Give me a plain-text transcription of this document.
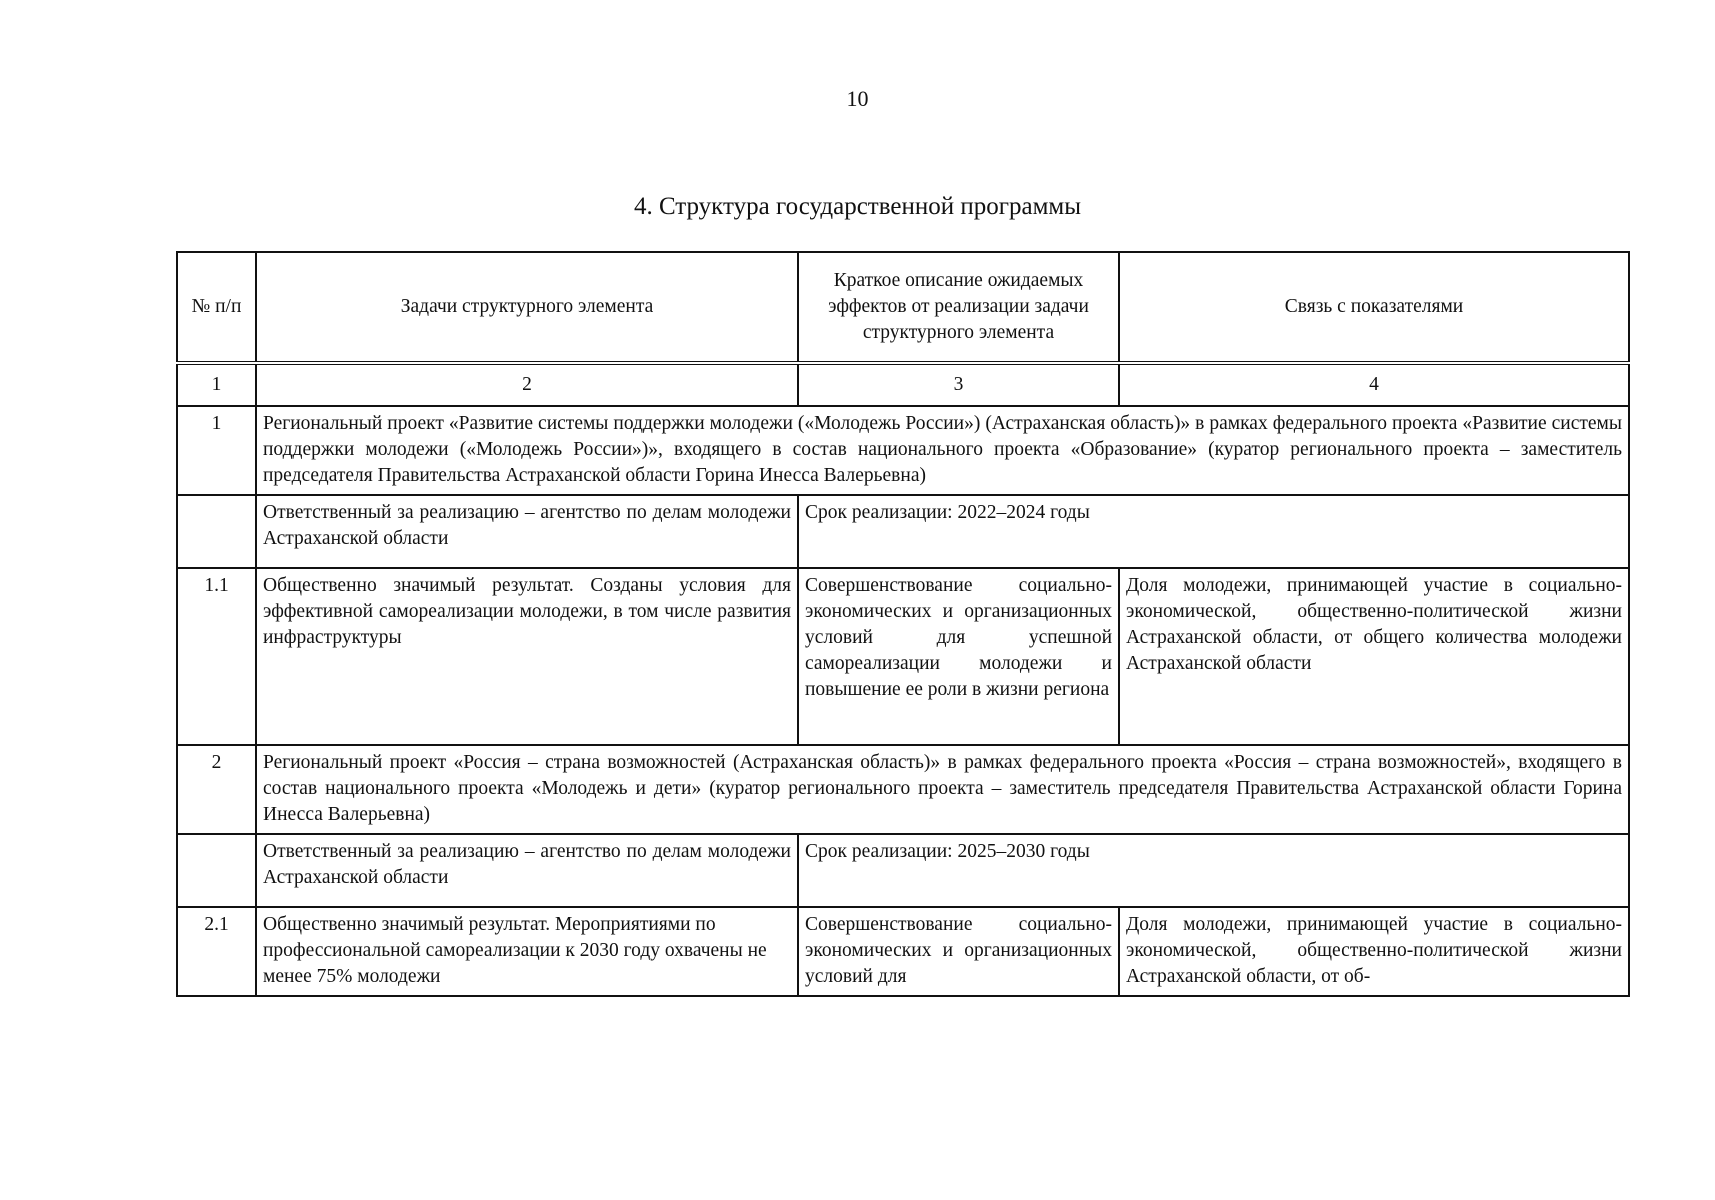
10
4. Структура государственной программы
№ п/п	Задачи структурного элемента	Краткое описание ожидаемых эффектов от реализации задачи структурного элемента	Связь с показателями
1	2	3	4
1	Региональный проект «Развитие системы поддержки молодежи («Молодежь России») (Астраханская область)» в рамках федерального проекта «Развитие системы поддержки молодежи («Молодежь России»)», входящего в состав национального проекта «Образование» (куратор регионального проекта – заместитель председателя Правительства Астраханской области Горина Инесса Валерьевна)		
	Ответственный за реализацию – агентство по делам молодежи Астраханской области	Срок реализации: 2022–2024 годы	
1.1	Общественно значимый результат. Созданы условия для эффективной самореализации молодежи, в том числе развития инфраструктуры	Совершенствование социально-экономических и организационных условий для успешной самореализации молодежи и повышение ее роли в жизни региона	Доля молодежи, принимающей участие в социально-экономической, общественно-политической жизни Астраханской области, от общего количества молодежи Астраханской области
2	Региональный проект «Россия – страна возможностей (Астраханская область)» в рамках федерального проекта «Россия – страна возможностей», входящего в состав национального проекта «Молодежь и дети» (куратор регионального проекта – заместитель председателя Правительства Астраханской области Горина Инесса Валерьевна)		
	Ответственный за реализацию – агентство по делам молодежи Астраханской области	Срок реализации: 2025–2030 годы	
2.1	Общественно значимый результат. Мероприятиями по профессиональной самореализации к 2030 году охвачены не менее 75% молодежи	Совершенствование социально-экономических и организационных условий для	Доля молодежи, принимающей участие в социально-экономической, общественно-политической жизни Астраханской области, от об-
